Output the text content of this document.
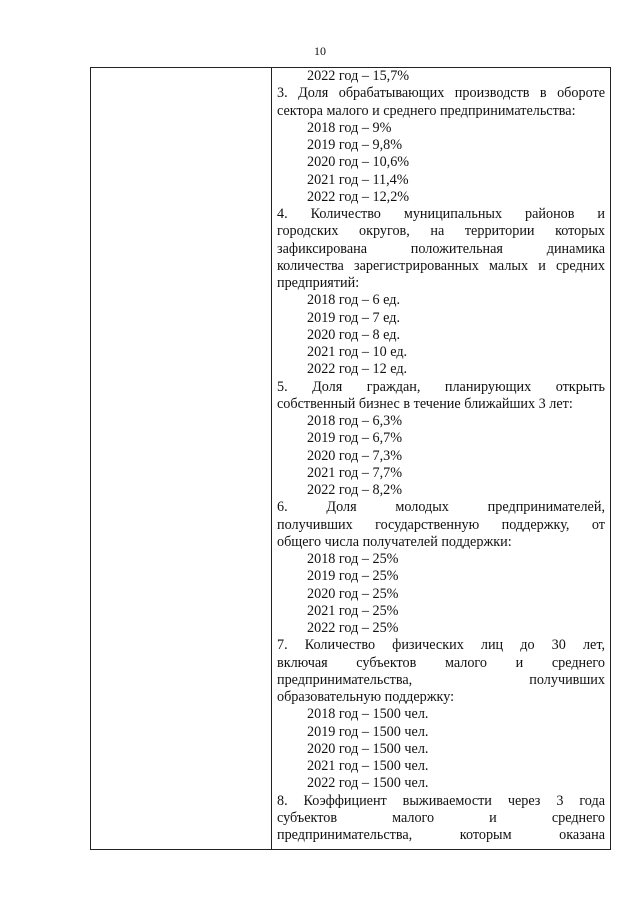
10
2022 год – 15,7%
3. Доля обрабатывающих производств в обороте
сектора малого и среднего предпринимательства:
2018 год – 9%
2019 год – 9,8%
2020 год – 10,6%
2021 год – 11,4%
2022 год – 12,2%
4. Количество муниципальных районов и
городских округов, на территории которых
зафиксирована положительная динамика
количества зарегистрированных малых и средних
предприятий:
2018 год – 6 ед.
2019 год – 7 ед.
2020 год – 8 ед.
2021 год – 10 ед.
2022 год – 12 ед.
5. Доля граждан, планирующих открыть
собственный бизнес в течение ближайших 3 лет:
2018 год – 6,3%
2019 год – 6,7%
2020 год – 7,3%
2021 год – 7,7%
2022 год – 8,2%
6. Доля молодых предпринимателей,
получивших государственную поддержку, от
общего числа получателей поддержки:
2018 год – 25%
2019 год – 25%
2020 год – 25%
2021 год – 25%
2022 год – 25%
7. Количество физических лиц до 30 лет,
включая субъектов малого и среднего
предпринимательства, получивших
образовательную поддержку:
2018 год – 1500 чел.
2019 год – 1500 чел.
2020 год – 1500 чел.
2021 год – 1500 чел.
2022 год – 1500 чел.
8. Коэффициент выживаемости через 3 года
субъектов малого и среднего
предпринимательства, которым оказана
